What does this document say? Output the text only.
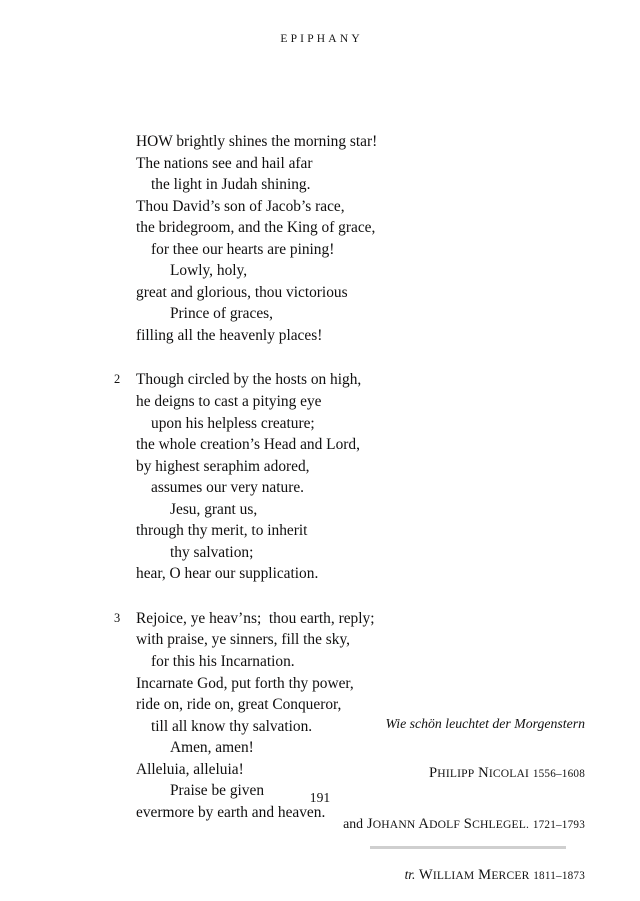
EPIPHANY
HOW brightly shines the morning star!
The nations see and hail afar
the light in Judah shining.
Thou David’s son of Jacob’s race,
the bridegroom, and the King of grace,
for thee our hearts are pining!
Lowly, holy,
great and glorious, thou victorious
Prince of graces,
filling all the heavenly places!
2	Though circled by the hosts on high,
he deigns to cast a pitying eye
upon his helpless creature;
the whole creation’s Head and Lord,
by highest seraphim adored,
assumes our very nature.
Jesu, grant us,
through thy merit, to inherit
thy salvation;
hear, O hear our supplication.
3	Rejoice, ye heav’ns;  thou earth, reply;
with praise, ye sinners, fill the sky,
for this his Incarnation.
Incarnate God, put forth thy power,
ride on, ride on, great Conqueror,
till all know thy salvation.
Amen, amen!
Alleluia, alleluia!
Praise be given
evermore by earth and heaven.

Wie schön leuchtet der Morgenstern

PHILIPP NICOLAI 1556–1608

and JOHANN ADOLF SCHLEGEL. 1721–1793

tr. WILLIAM MERCER 1811–1873

191
